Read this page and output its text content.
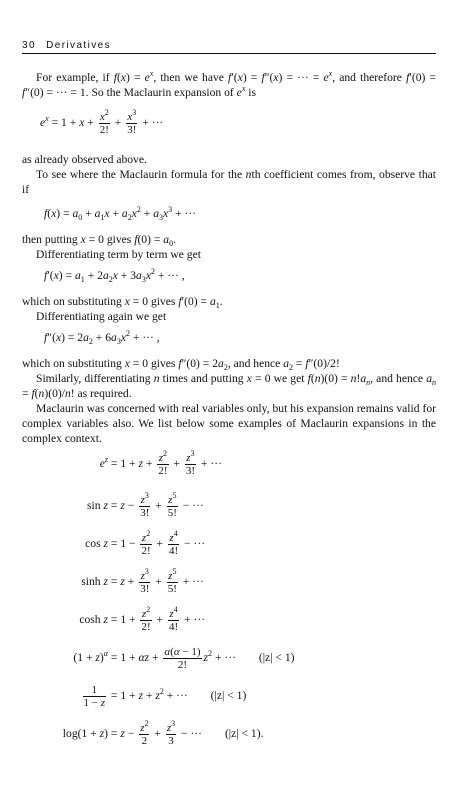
30 Derivatives

For example, if $f(x) = e^x$, then we have f′(x) = f″(x) = ··· = $e^x$, and therefore f′(0) = f″(0) = ··· = 1. So the Maclaurin expansion of $e^x$ is

$e^x = 1 + x + \frac{x^2}{2!} + \frac{x^3}{3!}$ + ···

as already observed above.

To see where the Maclaurin formula for the nth coefficient comes from, observe that if

$f(x) = a_0 + a_1x + a_2x^2 + a_3x^3$ + ···

then putting x = 0 gives $f(0) = a_0$.

Differentiating term by term we get

$f'(x) = a_1 + 2a_2x + 3a_3x^2$ + ··· ,

which on substituting x = 0 gives $f'(0) = a_1$.

Differentiating again we get

$f''(x) = 2a_2 + 6a_3x^2$ + ··· ,

which on substituting x = 0 gives $f''(0) = 2a_2$, and hence $a_2 = f''(0)/2$!

Similarly, differentiating n times and putting x = 0 we get $f(n)(0) = n!a_n$, and hence $a_n = f(n)(0)/n$! as required.

Maclaurin was concerned with real variables only, but his expansion remains valid for complex variables also. We list below some examples of Maclaurin expansions in the complex context.

$e^z = 1 + z + \frac{z^2}{2!} + \frac{z^3}{3!}$ + ···
$\sin z = z - \frac{z^3}{3!} + \frac{z^5}{5!}$ − ···
$\cos z = 1 - \frac{z^2}{2!} + \frac{z^4}{4!}$ − ···
$\sinh z = z + \frac{z^3}{3!} + \frac{z^5}{5!}$ + ···
$\cosh z = 1 + \frac{z^2}{2!} + \frac{z^4}{4!}$ + ···
$(1 + z)^\alpha = 1 + \alpha z + \frac{\alpha(\alpha - 1)}{2!} z^2$ + ··· (|z| < 1)
$\frac{1}{1 - z} = 1 + z + z^2$ + ··· (|z| < 1)
$\log(1 + z) = z - \frac{z^2}{2} + \frac{z^3}{3}$ − ··· (|z| < 1).
